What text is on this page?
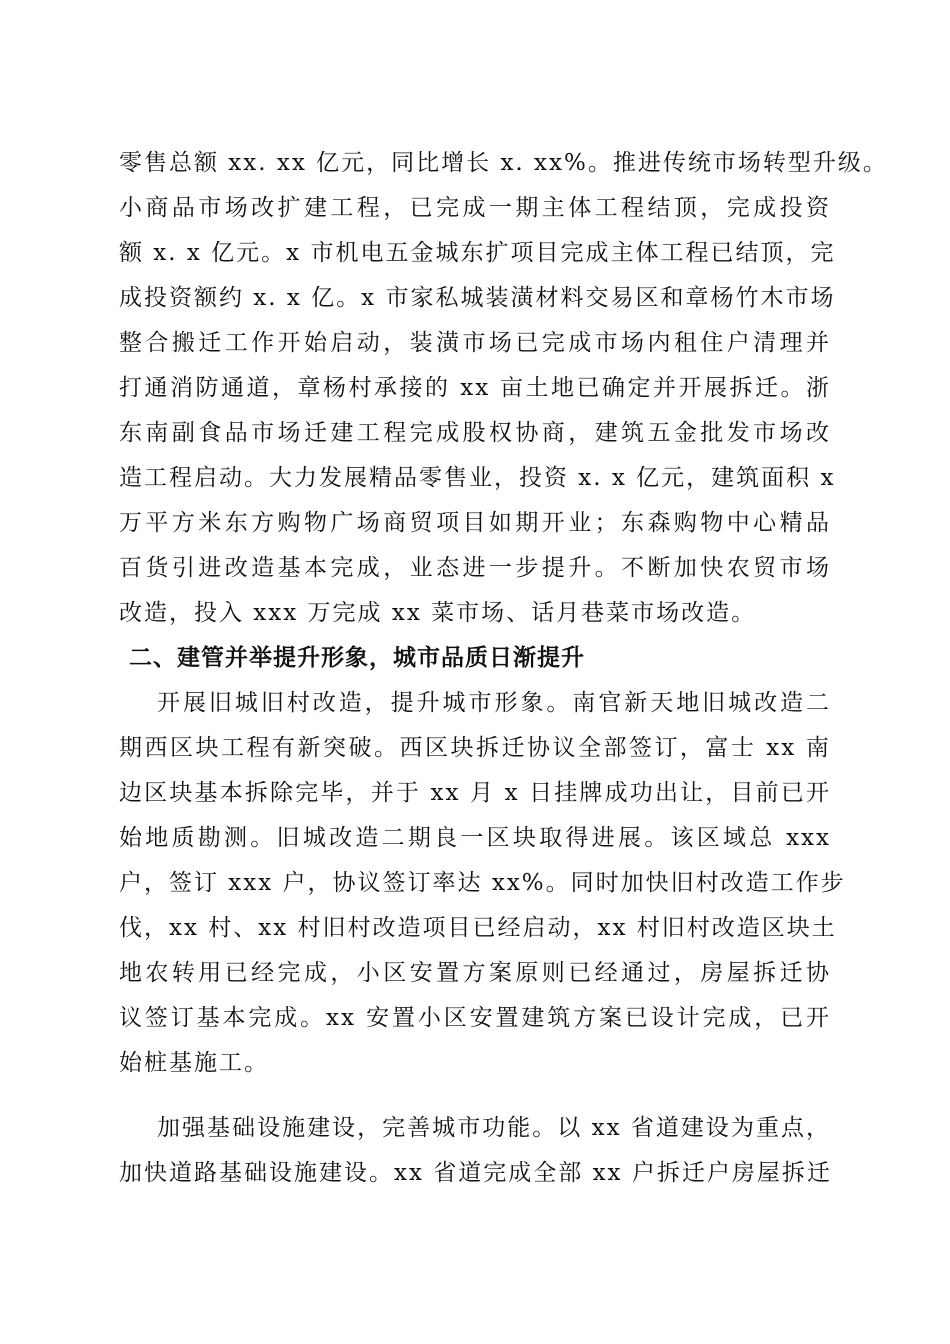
零售总额 xx. xx 亿元，同比增长 x. xx%。推进传统市场转型升级。
小商品市场改扩建工程，已完成一期主体工程结顶，完成投资
额 x. x 亿元。x 市机电五金城东扩项目完成主体工程已结顶，完
成投资额约 x. x 亿。x 市家私城装潢材料交易区和章杨竹木市场
整合搬迁工作开始启动，装潢市场已完成市场内租住户清理并
打通消防通道，章杨村承接的 xx 亩土地已确定并开展拆迁。浙
东南副食品市场迁建工程完成股权协商，建筑五金批发市场改
造工程启动。大力发展精品零售业，投资 x. x 亿元，建筑面积 x
万平方米东方购物广场商贸项目如期开业；东森购物中心精品
百货引进改造基本完成，业态进一步提升。不断加快农贸市场
改造，投入 xxx 万完成 xx 菜市场、话月巷菜市场改造。
二、建管并举提升形象，城市品质日渐提升
开展旧城旧村改造，提升城市形象。南官新天地旧城改造二
期西区块工程有新突破。西区块拆迁协议全部签订，富士 xx 南
边区块基本拆除完毕，并于 xx 月 x 日挂牌成功出让，目前已开
始地质勘测。旧城改造二期良一区块取得进展。该区域总 xxx
户，签订 xxx 户，协议签订率达 xx%。同时加快旧村改造工作步
伐，xx 村、xx 村旧村改造项目已经启动，xx 村旧村改造区块土
地农转用已经完成，小区安置方案原则已经通过，房屋拆迁协
议签订基本完成。xx 安置小区安置建筑方案已设计完成，已开
始桩基施工。
加强基础设施建设，完善城市功能。以 xx 省道建设为重点，
加快道路基础设施建设。xx 省道完成全部 xx 户拆迁户房屋拆迁
